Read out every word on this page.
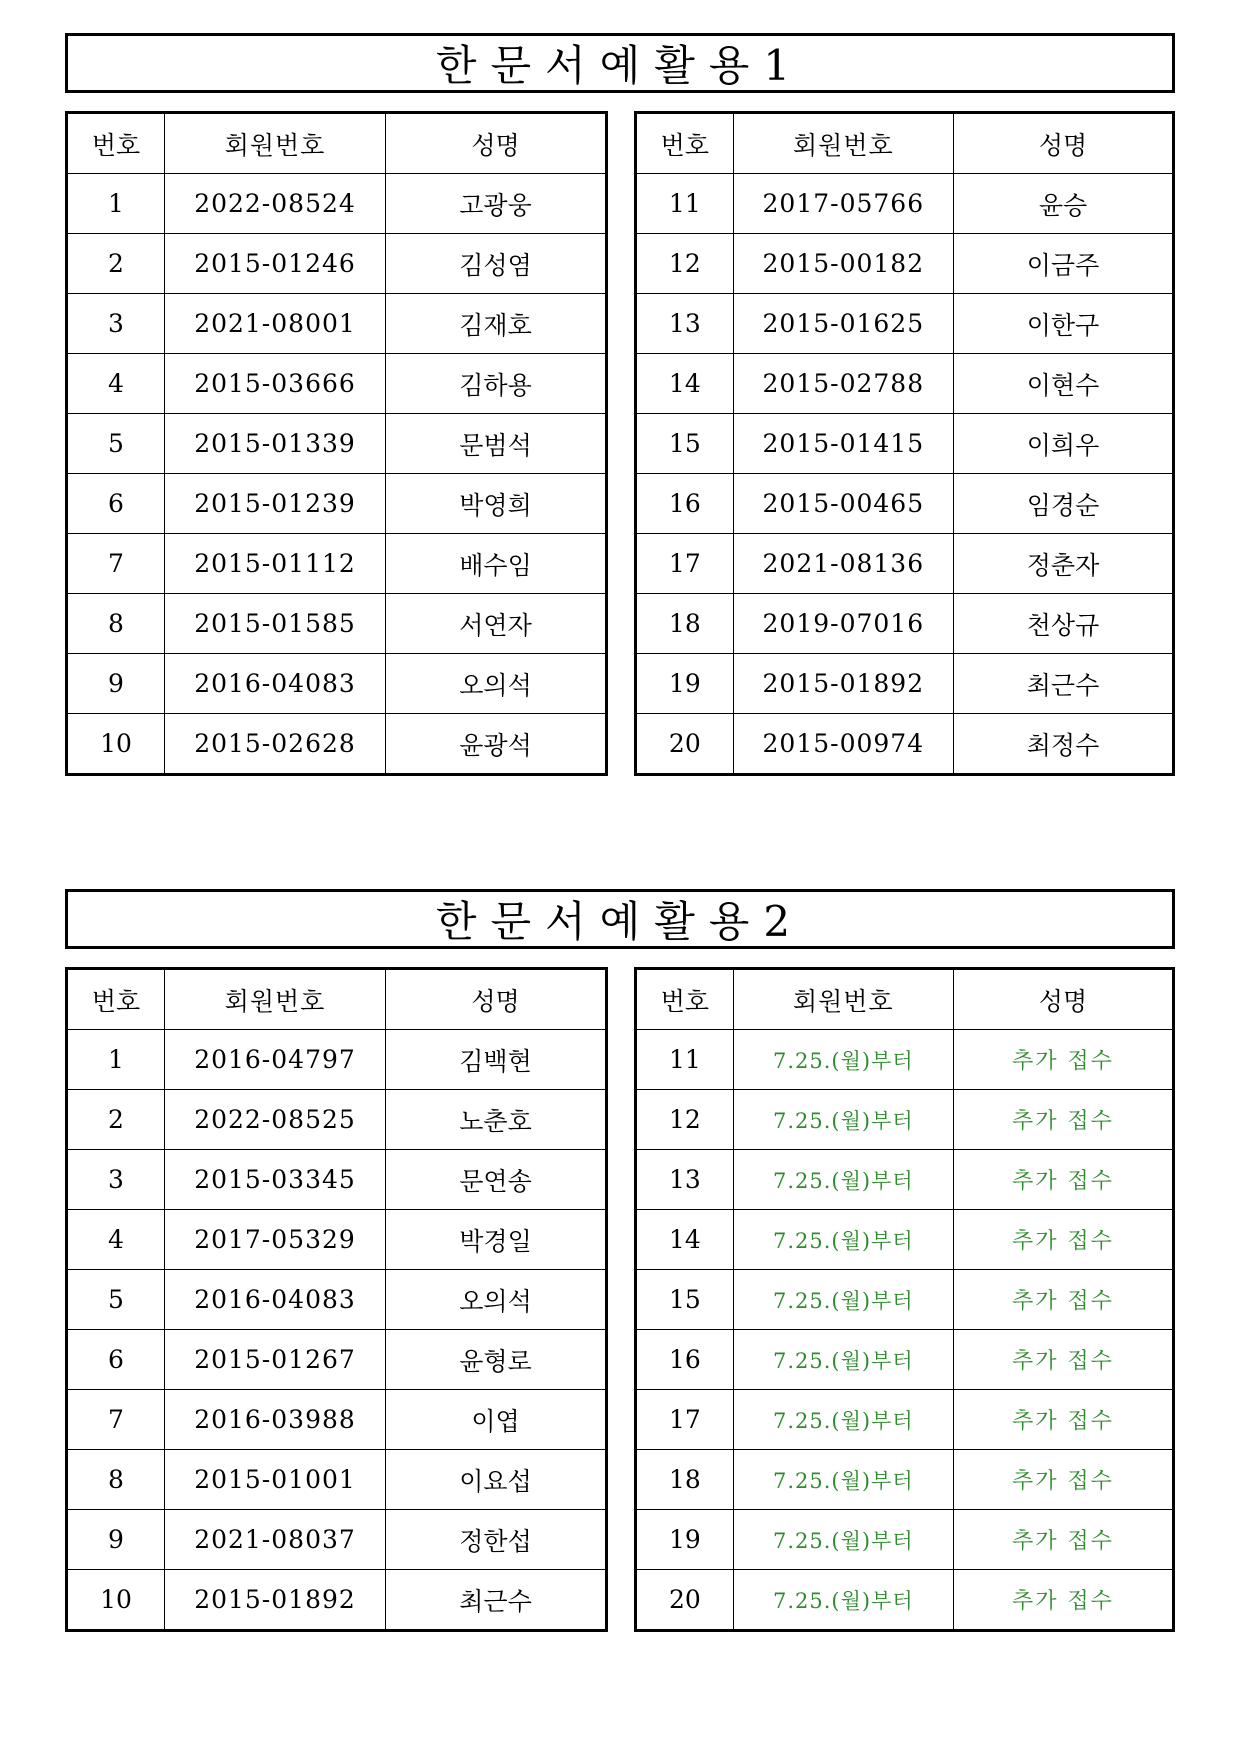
한문서예활용1
번호	회원번호	성명
1	2022-08524	고광웅
2	2015-01246	김성염
3	2021-08001	김재호
4	2015-03666	김하용
5	2015-01339	문범석
6	2015-01239	박영희
7	2015-01112	배수임
8	2015-01585	서연자
9	2016-04083	오의석
10	2015-02628	윤광석
번호	회원번호	성명
11	2017-05766	윤승
12	2015-00182	이금주
13	2015-01625	이한구
14	2015-02788	이현수
15	2015-01415	이희우
16	2015-00465	임경순
17	2021-08136	정춘자
18	2019-07016	천상규
19	2015-01892	최근수
20	2015-00974	최정수
한문서예활용2
번호	회원번호	성명
1	2016-04797	김백현
2	2022-08525	노춘호
3	2015-03345	문연송
4	2017-05329	박경일
5	2016-04083	오의석
6	2015-01267	윤형로
7	2016-03988	이엽
8	2015-01001	이요섭
9	2021-08037	정한섭
10	2015-01892	최근수
번호	회원번호	성명
11	7.25.(월)부터	추가 접수
12	7.25.(월)부터	추가 접수
13	7.25.(월)부터	추가 접수
14	7.25.(월)부터	추가 접수
15	7.25.(월)부터	추가 접수
16	7.25.(월)부터	추가 접수
17	7.25.(월)부터	추가 접수
18	7.25.(월)부터	추가 접수
19	7.25.(월)부터	추가 접수
20	7.25.(월)부터	추가 접수
